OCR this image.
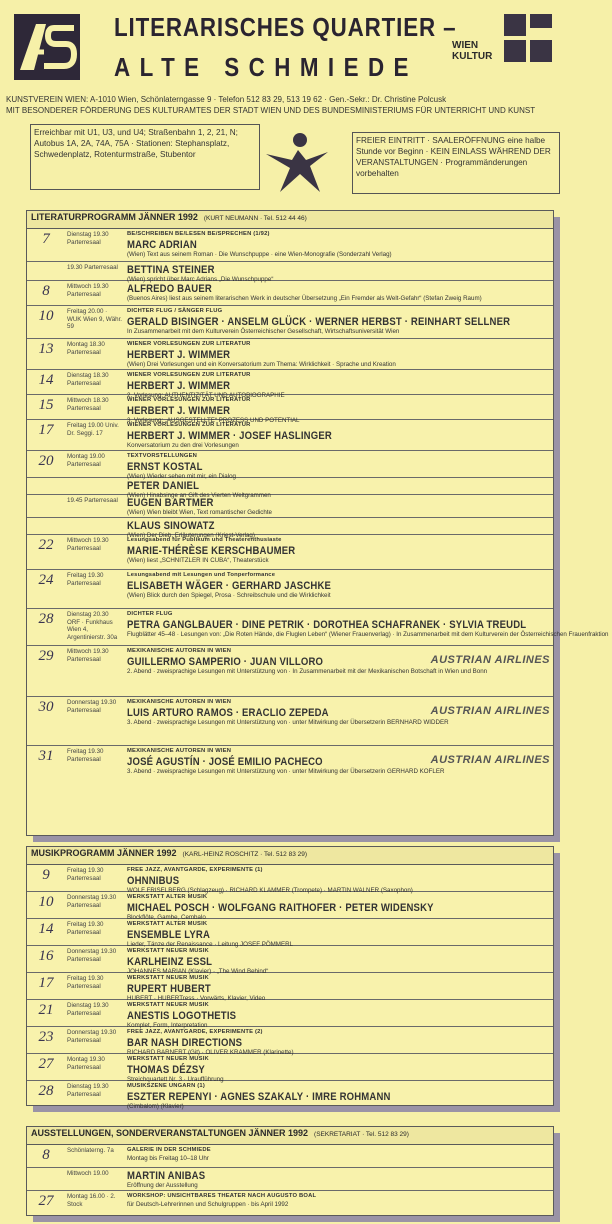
LITERARISCHES QUARTIER –
ALTE SCHMIEDE
WIEN
KULTUR
KUNSTVEREIN WIEN: A-1010 Wien, Schönlaterngasse 9 · Telefon 512 83 29, 513 19 62 · Gen.-Sekr.: Dr. Christine Polcusk
MIT BESONDERER FÖRDERUNG DES KULTURAMTES DER STADT WIEN UND DES BUNDESMINISTERIUMS FÜR UNTERRICHT UND KUNST
Erreichbar mit U1, U3, und U4; Straßenbahn 1, 2, 21, N; Autobus 1A, 2A, 74A, 75A · Stationen: Stephansplatz, Schwedenplatz, Rotenturmstraße, Stubentor
FREIER EINTRITT · SAALERÖFFNUNG eine halbe Stunde vor Beginn · KEIN EINLASS WÄHREND DER VERANSTALTUNGEN · Programmänderungen vorbehalten
LITERATURPROGRAMM JÄNNER 1992 (KURT NEUMANN · Tel. 512 44 46)
7	Dienstag 19.30 Parterresaal
BE/SCHREIBEN BE/LESEN BE/SPRECHEN (1/92)
MARC ADRIAN
(Wien) Text aus seinem Roman · Die Wunschpuppe · eine Wien-Monografie (Sonderzahl Verlag)
19.30 Parterresaal BETTINA STEINER
(Wien) spricht über Marc Adrians „Die Wunschpuppe“
8	Mittwoch 19.30 Parterresaal	ALFREDO BAUER
(Buenos Aires) liest aus seinem literarischen Werk in deutscher Übersetzung „Ein Fremder als Welt-Gefahr“ (Stefan Zweig Raum)
10	Freitag 20.00 · WUK Wien 9, Währ. 59
DICHTER FLUG / SÄNGER FLUG
GERALD BISINGER · ANSELM GLÜCK · WERNER HERBST · REINHART SELLNER
In Zusammenarbeit mit dem Kulturverein Österreichischer Gesellschaft, Wirtschaftsuniversität Wien
13	Montag 18.30 Parterresaal
WIENER VORLESUNGEN ZUR LITERATUR
HERBERT J. WIMMER
(Wien) Drei Vorlesungen und ein Konversatorium zum Thema: Wirklichkeit · Sprache und Kreation
14	Dienstag 18.30 Parterresaal
WIENER VORLESUNGEN ZUR LITERATUR
HERBERT J. WIMMER
2. Vorlesung: AUTHENTIZITÄT UND AUTOBIOGRAPHIE
15	Mittwoch 18.30 Parterresaal
WIENER VORLESUNGEN ZUR LITERATUR
HERBERT J. WIMMER
3. Vorlesung: „AUSGESTELLTE“ PROZESS UND POTENTIAL
17	Freitag 19.00 Univ. Dr. Seggi. 17
WIENER VORLESUNGEN ZUR LITERATUR
HERBERT J. WIMMER · JOSEF HASLINGER
Konversatorium zu den drei Vorlesungen
20	Montag 19.00 Parterresaal
TEXTVORSTELLUNGEN
ERNST KOSTAL
(Wien) Wieder sehen mit mir, ein Dialog
PETER DANIEL
(Wien) Hinabsinge an Gift des Vierten Weltgrammen
19.45 Parterresaal EUGEN BARTMER
(Wien) Wien bleibt Wien, Text romantischer Gedichte
KLAUS SINOWATZ
(Wien) Der Dieb, Erläuterungen (Kriest-Verlag)
22	Mittwoch 19.30 Parterresaal
Lesungsabend für Publikum und Theaterenthusiaste
MARIE-THÉRÈSE KERSCHBAUMER
(Wien) liest „SCHNITZLER IN CUBA“, Theaterstück
24	Freitag 19.30 Parterresaal
Lesungsabend mit Lesungen und Tonperformance
ELISABETH WÄGER · GERHARD JASCHKE
(Wien) Blick durch den Spiegel, Prosa · Schreibschule und die Wirklichkeit
28	Dienstag 20.30 ORF · Funkhaus Wien 4, Argentinierstr. 30a
DICHTER FLUG
PETRA GANGLBAUER · DINE PETRIK · DOROTHEA SCHAFRANEK · SYLVIA TREUDL
Flugblätter 45–48 · Lesungen von: „Die Roten Hände, die Fluglen Leben“ (Wiener Frauenverlag) · In Zusammenarbeit mit dem Kulturverein der Österreichischen Frauenfraktion
29	Mittwoch 19.30 Parterresaal
MEXIKANISCHE AUTOREN IN WIEN
AUSTRIAN AIRLINES
GUILLERMO SAMPERIO · JUAN VILLORO
2. Abend · zweisprachige Lesungen mit Unterstützung von · In Zusammenarbeit mit der Mexikanischen Botschaft in Wien und Bonn
30	Donnerstag 19.30 Parterresaal
MEXIKANISCHE AUTOREN IN WIEN
AUSTRIAN AIRLINES
LUIS ARTURO RAMOS · ERACLIO ZEPEDA
3. Abend · zweisprachige Lesungen mit Unterstützung von · unter Mitwirkung der Übersetzerin BERNHARD WIDDER
31	Freitag 19.30 Parterresaal
MEXIKANISCHE AUTOREN IN WIEN
AUSTRIAN AIRLINES
JOSÉ AGUSTÍN · JOSÉ EMILIO PACHECO
3. Abend · zweisprachige Lesungen mit Unterstützung von · unter Mitwirkung der Übersetzerin GERHARD KOFLER
MUSIKPROGRAMM JÄNNER 1992 (KARL-HEINZ ROSCHITZ · Tel. 512 83 29)
9	Freitag 19.30 Parterresaal
FREE JAZZ, AVANTGARDE, EXPERIMENTE (1)
OHNNIBUS
WOLF FRISELBERG (Schlagzeug) · RICHARD KLAMMER (Trompete) · MARTIN WALNER (Saxophon)
10	Donnerstag 19.30 Parterresaal
WERKSTATT ALTER MUSIK
MICHAEL POSCH · WOLFGANG RAITHOFER · PETER WIDENSKY
Blockflöte, Gambe, Cembalo
14	Freitag 19.30 Parterresaal
WERKSTATT ALTER MUSIK
ENSEMBLE LYRA
Lieder, Tänze der Renaissance · Leitung JOSEF PÖMMERL
16	Donnerstag 19.30 Parterresaal
WERKSTATT NEUER MUSIK
KARLHEINZ ESSL
JOHANNES MARIAN (Klavier) · „The Wind Behind“
17	Freitag 19.30 Parterresaal
WERKSTATT NEUER MUSIK
RUPERT HUBERT
HUBERT · HUBERTress · Vorwärts, Klavier, Video
21	Dienstag 19.30 Parterresaal
WERKSTATT NEUER MUSIK
ANESTIS LOGOTHETIS
Komplet, Form, Interpretation
23	Donnerstag 19.30 Parterresaal
FREE JAZZ, AVANTGARDE, EXPERIMENTE (2)
BAR NASH DIRECTIONS
RICHARD BARNERT (Git) · OLIVER KRAMMER (Klarinette)
27	Montag 19.30 Parterresaal
WERKSTATT NEUER MUSIK
THOMAS DÉZSY
Streichquartett Nr. 3 · Uraufführung
28	Dienstag 19.30 Parterresaal
MUSIKSZENE UNGARN (1)
ESZTER REPENYI · AGNES SZAKALY · IMRE ROHMANN
(Cimbalom) (Klavier)
AUSSTELLUNGEN, SONDERVERANSTALTUNGEN JÄNNER 1992 (SEKRETARIAT · Tel. 512 83 29)
8	Schönlaterng. 7a	GALERIE IN DER SCHMIEDE
Montag bis Freitag 10–18 Uhr
Mittwoch 19.00	MARTIN ANIBAS
Eröffnung der Ausstellung
27	Montag 16.00 · 2. Stock
WORKSHOP: UNSICHTBARES THEATER NACH AUGUSTO BOAL
für Deutsch-Lehrerinnen und Schulgruppen · bis April 1992
